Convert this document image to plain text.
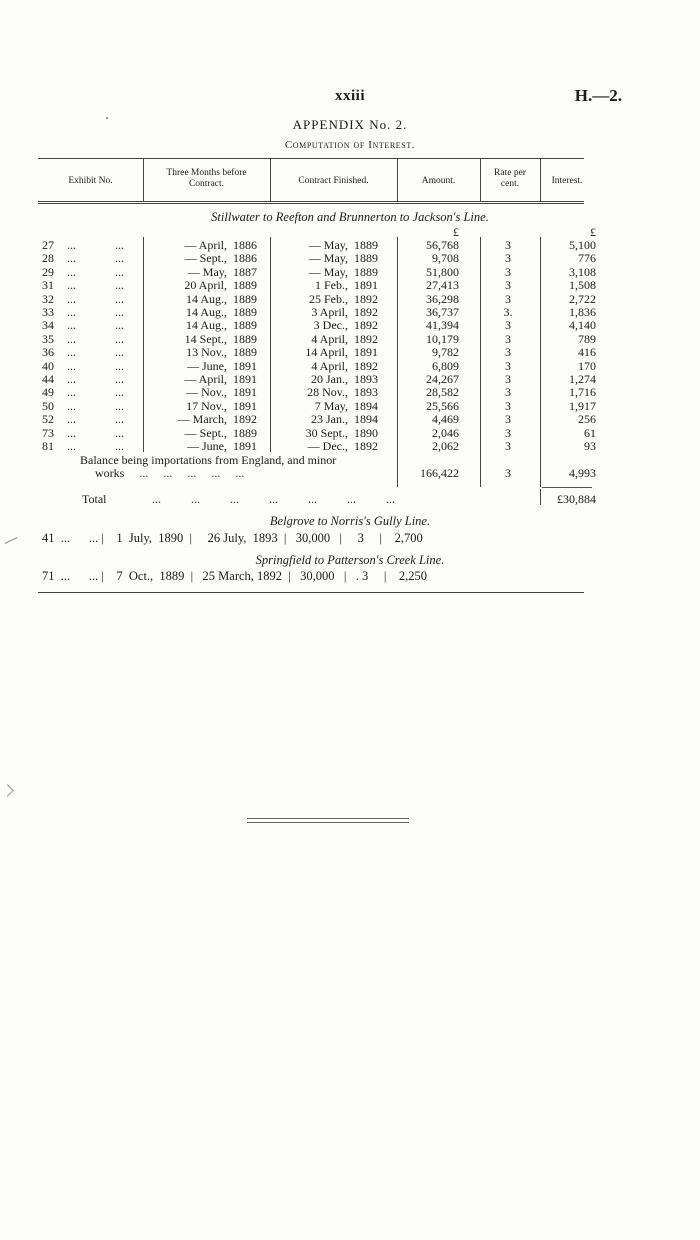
xxiii	H.—2.
APPENDIX No. 2.
Computation of Interest.
Exhibit No.
Three Months before
Contract.	Contract Finished.	Amount.
Rate per
cent.	Interest.
Stillwater to Reefton and Brunnerton to Jackson's Line.
£	£
27 ...	...	— April,  1886	— May,  1889	56,768	3	5,100
28 ...	...	— Sept.,  1886	— May,  1889	9,708	3	776
29 ...	...	— May,  1887	— May,  1889	51,800	3	3,108
31 ...	...	20 April,  1889	1 Feb.,  1891	27,413	3	1,508
32 ...	...	14 Aug.,  1889	25 Feb.,  1892	36,298	3	2,722
33 ...	...	14 Aug.,  1889	3 April,  1892	36,737	3.	1,836
34 ...	...	14 Aug.,  1889	3 Dec.,  1892	41,394	3	4,140
35 ...	...	14 Sept.,  1889	4 April,  1892	10,179	3	789
36 ...	...	13 Nov.,  1889	14 April,  1891	9,782	3	416
40 ...	...	— June,  1891	4 April,  1892	6,809	3	170
44 ...	...	— April,  1891	20 Jan.,  1893	24,267	3	1,274
49 ...	...	— Nov.,  1891	28 Nov.,  1893	28,582	3	1,716
50 ...	...	17 Nov.,  1891	7 May,  1894	25,566	3	1,917
52 ...	...	— March,  1892	23 Jan.,  1894	4,469	3	256
73 ...	...	— Sept.,  1889	30 Sept.,  1890	2,046	3	61
81 ...	...	— June,  1891	— Dec.,  1892	2,062	3	93
Balance being importations from England, and minor
works     ...     ...     ...     ...     ...	166,422	3	4,993
Total	...          ...          ...          ...          ...          ...          ...	£30,884
Belgrove to Norris's Gully Line.
41  ...      ... |    1  July,  1890  |     26 July,  1893  |   30,000   |     3     |    2,700
Springfield to Patterson's Creek Line.
71  ...      ... |    7  Oct.,  1889  |   25 March, 1892  |   30,000   |   . 3     |    2,250
